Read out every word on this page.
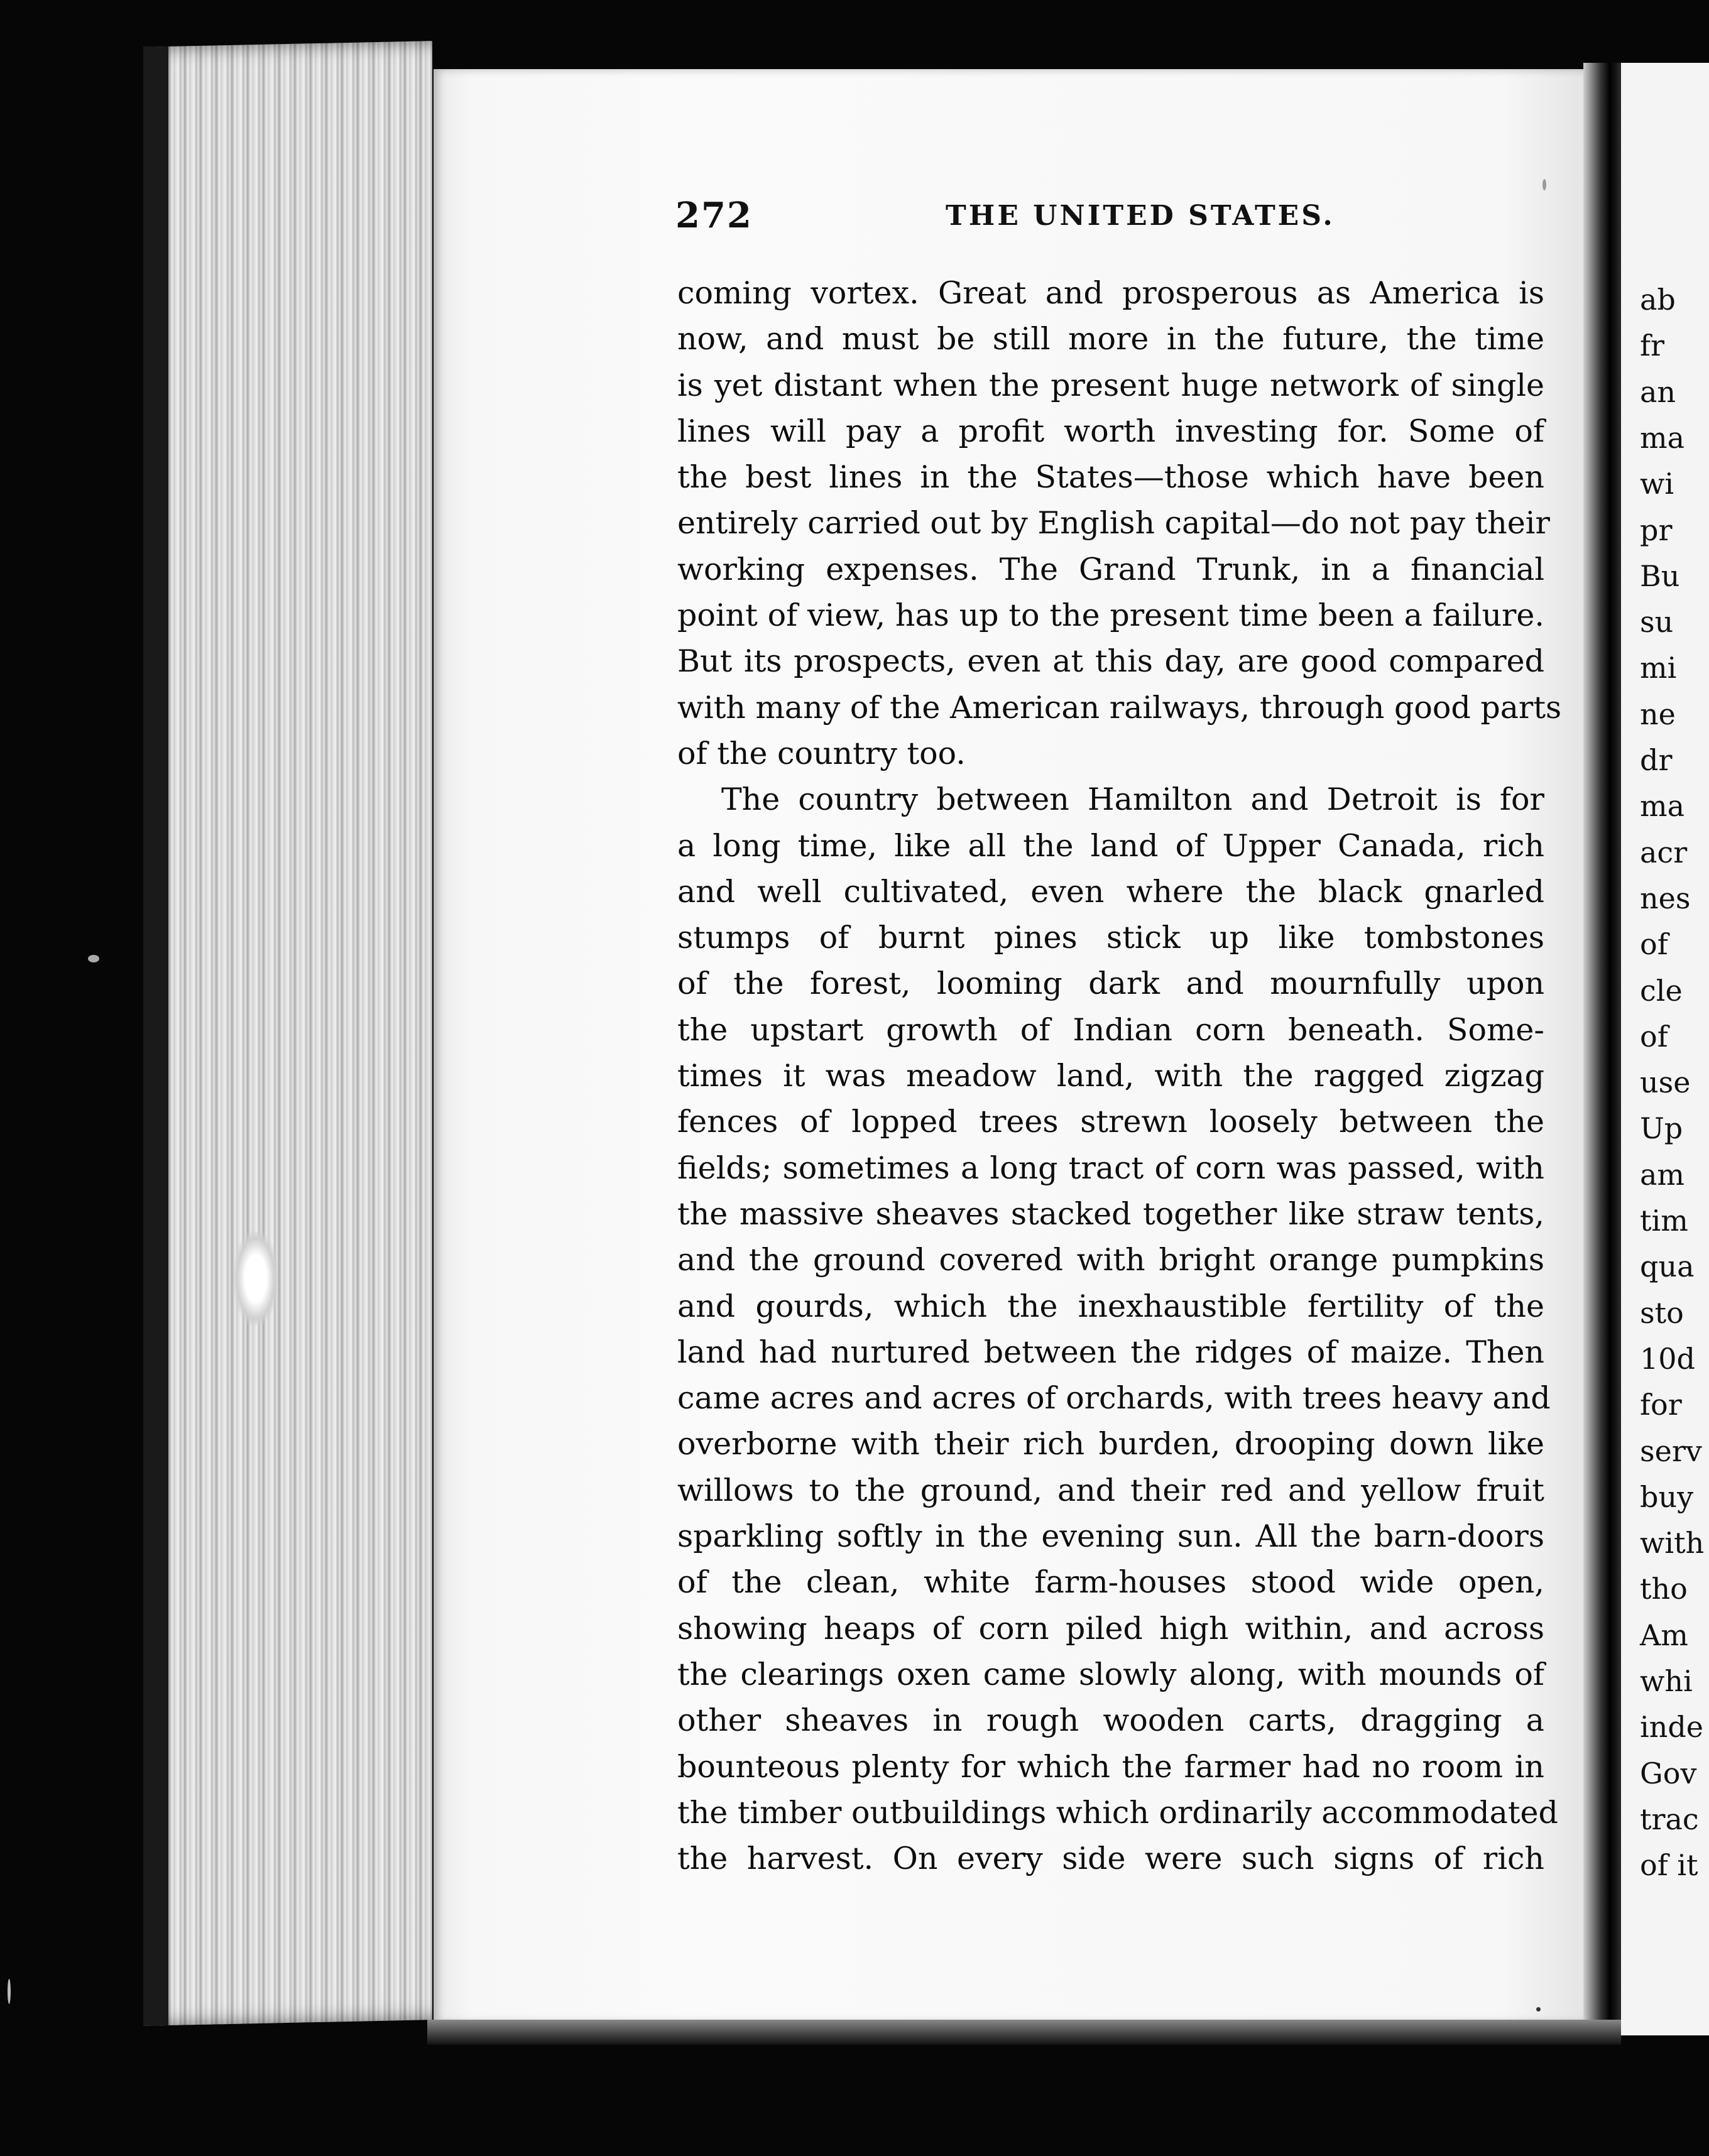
ab
fr
an
ma
wi
pr
Bu
su
mi
ne
dr
ma
acr
nes
of
cle
of
use
Up
am
tim
qua
sto
10d
for
serv
buy
with
tho
Am
whi
inde
Gov
trac
of it
272	THE UNITED STATES.
coming vortex. Great and prosperous as America is
now, and must be still more in the future, the time
is yet distant when the present huge network of single
lines will pay a profit worth investing for. Some of
the best lines in the States—those which have been
entirely carried out by English capital—do not pay their
working expenses. The Grand Trunk, in a financial
point of view, has up to the present time been a failure.
But its prospects, even at this day, are good compared
with many of the American railways, through good parts
of the country too.
The country between Hamilton and Detroit is for
a long time, like all the land of Upper Canada, rich
and well cultivated, even where the black gnarled
stumps of burnt pines stick up like tombstones
of the forest, looming dark and mournfully upon
the upstart growth of Indian corn beneath. Some-
times it was meadow land, with the ragged zigzag
fences of lopped trees strewn loosely between the
fields; sometimes a long tract of corn was passed, with
the massive sheaves stacked together like straw tents,
and the ground covered with bright orange pumpkins
and gourds, which the inexhaustible fertility of the
land had nurtured between the ridges of maize. Then
came acres and acres of orchards, with trees heavy and
overborne with their rich burden, drooping down like
willows to the ground, and their red and yellow fruit
sparkling softly in the evening sun. All the barn-doors
of the clean, white farm-houses stood wide open,
showing heaps of corn piled high within, and across
the clearings oxen came slowly along, with mounds of
other sheaves in rough wooden carts, dragging a
bounteous plenty for which the farmer had no room in
the timber outbuildings which ordinarily accommodated
the harvest. On every side were such signs of rich
